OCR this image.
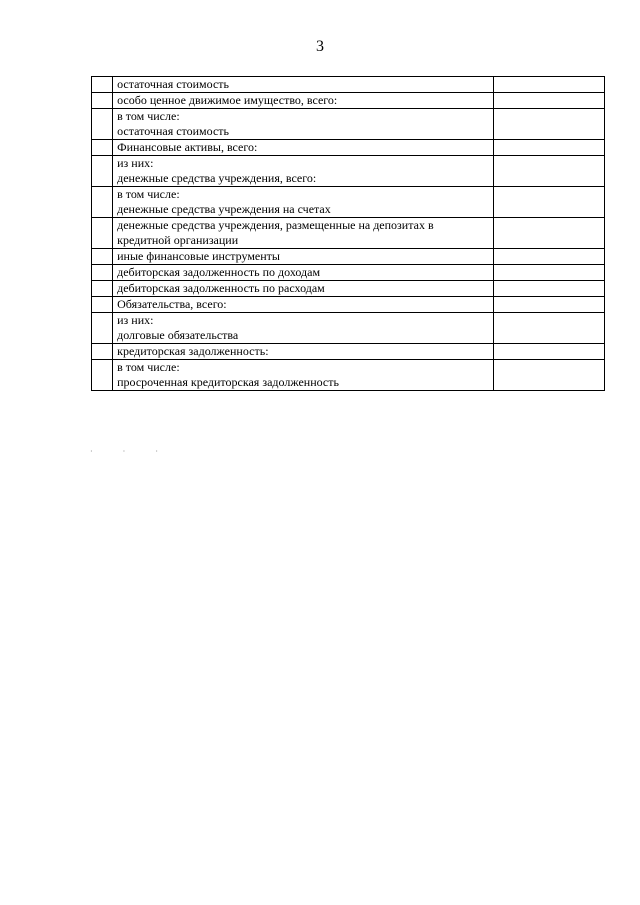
3

	остаточная стоимость	

	особо ценное движимое имущество, всего:	

	в том числе:
остаточная стоимость	

	Финансовые активы, всего:	

	из них:
денежные средства учреждения, всего:	

	в том числе:
денежные средства учреждения на счетах	

	денежные средства учреждения, размещенные на депозитах в
кредитной организации	

	иные финансовые инструменты	

	дебиторская задолженность по доходам	

	дебиторская задолженность по расходам	

	Обязательства, всего:	

	из них:
долговые обязательства	

	кредиторская задолженность:	

	в том числе:
просроченная кредиторская задолженность	

· · ·
